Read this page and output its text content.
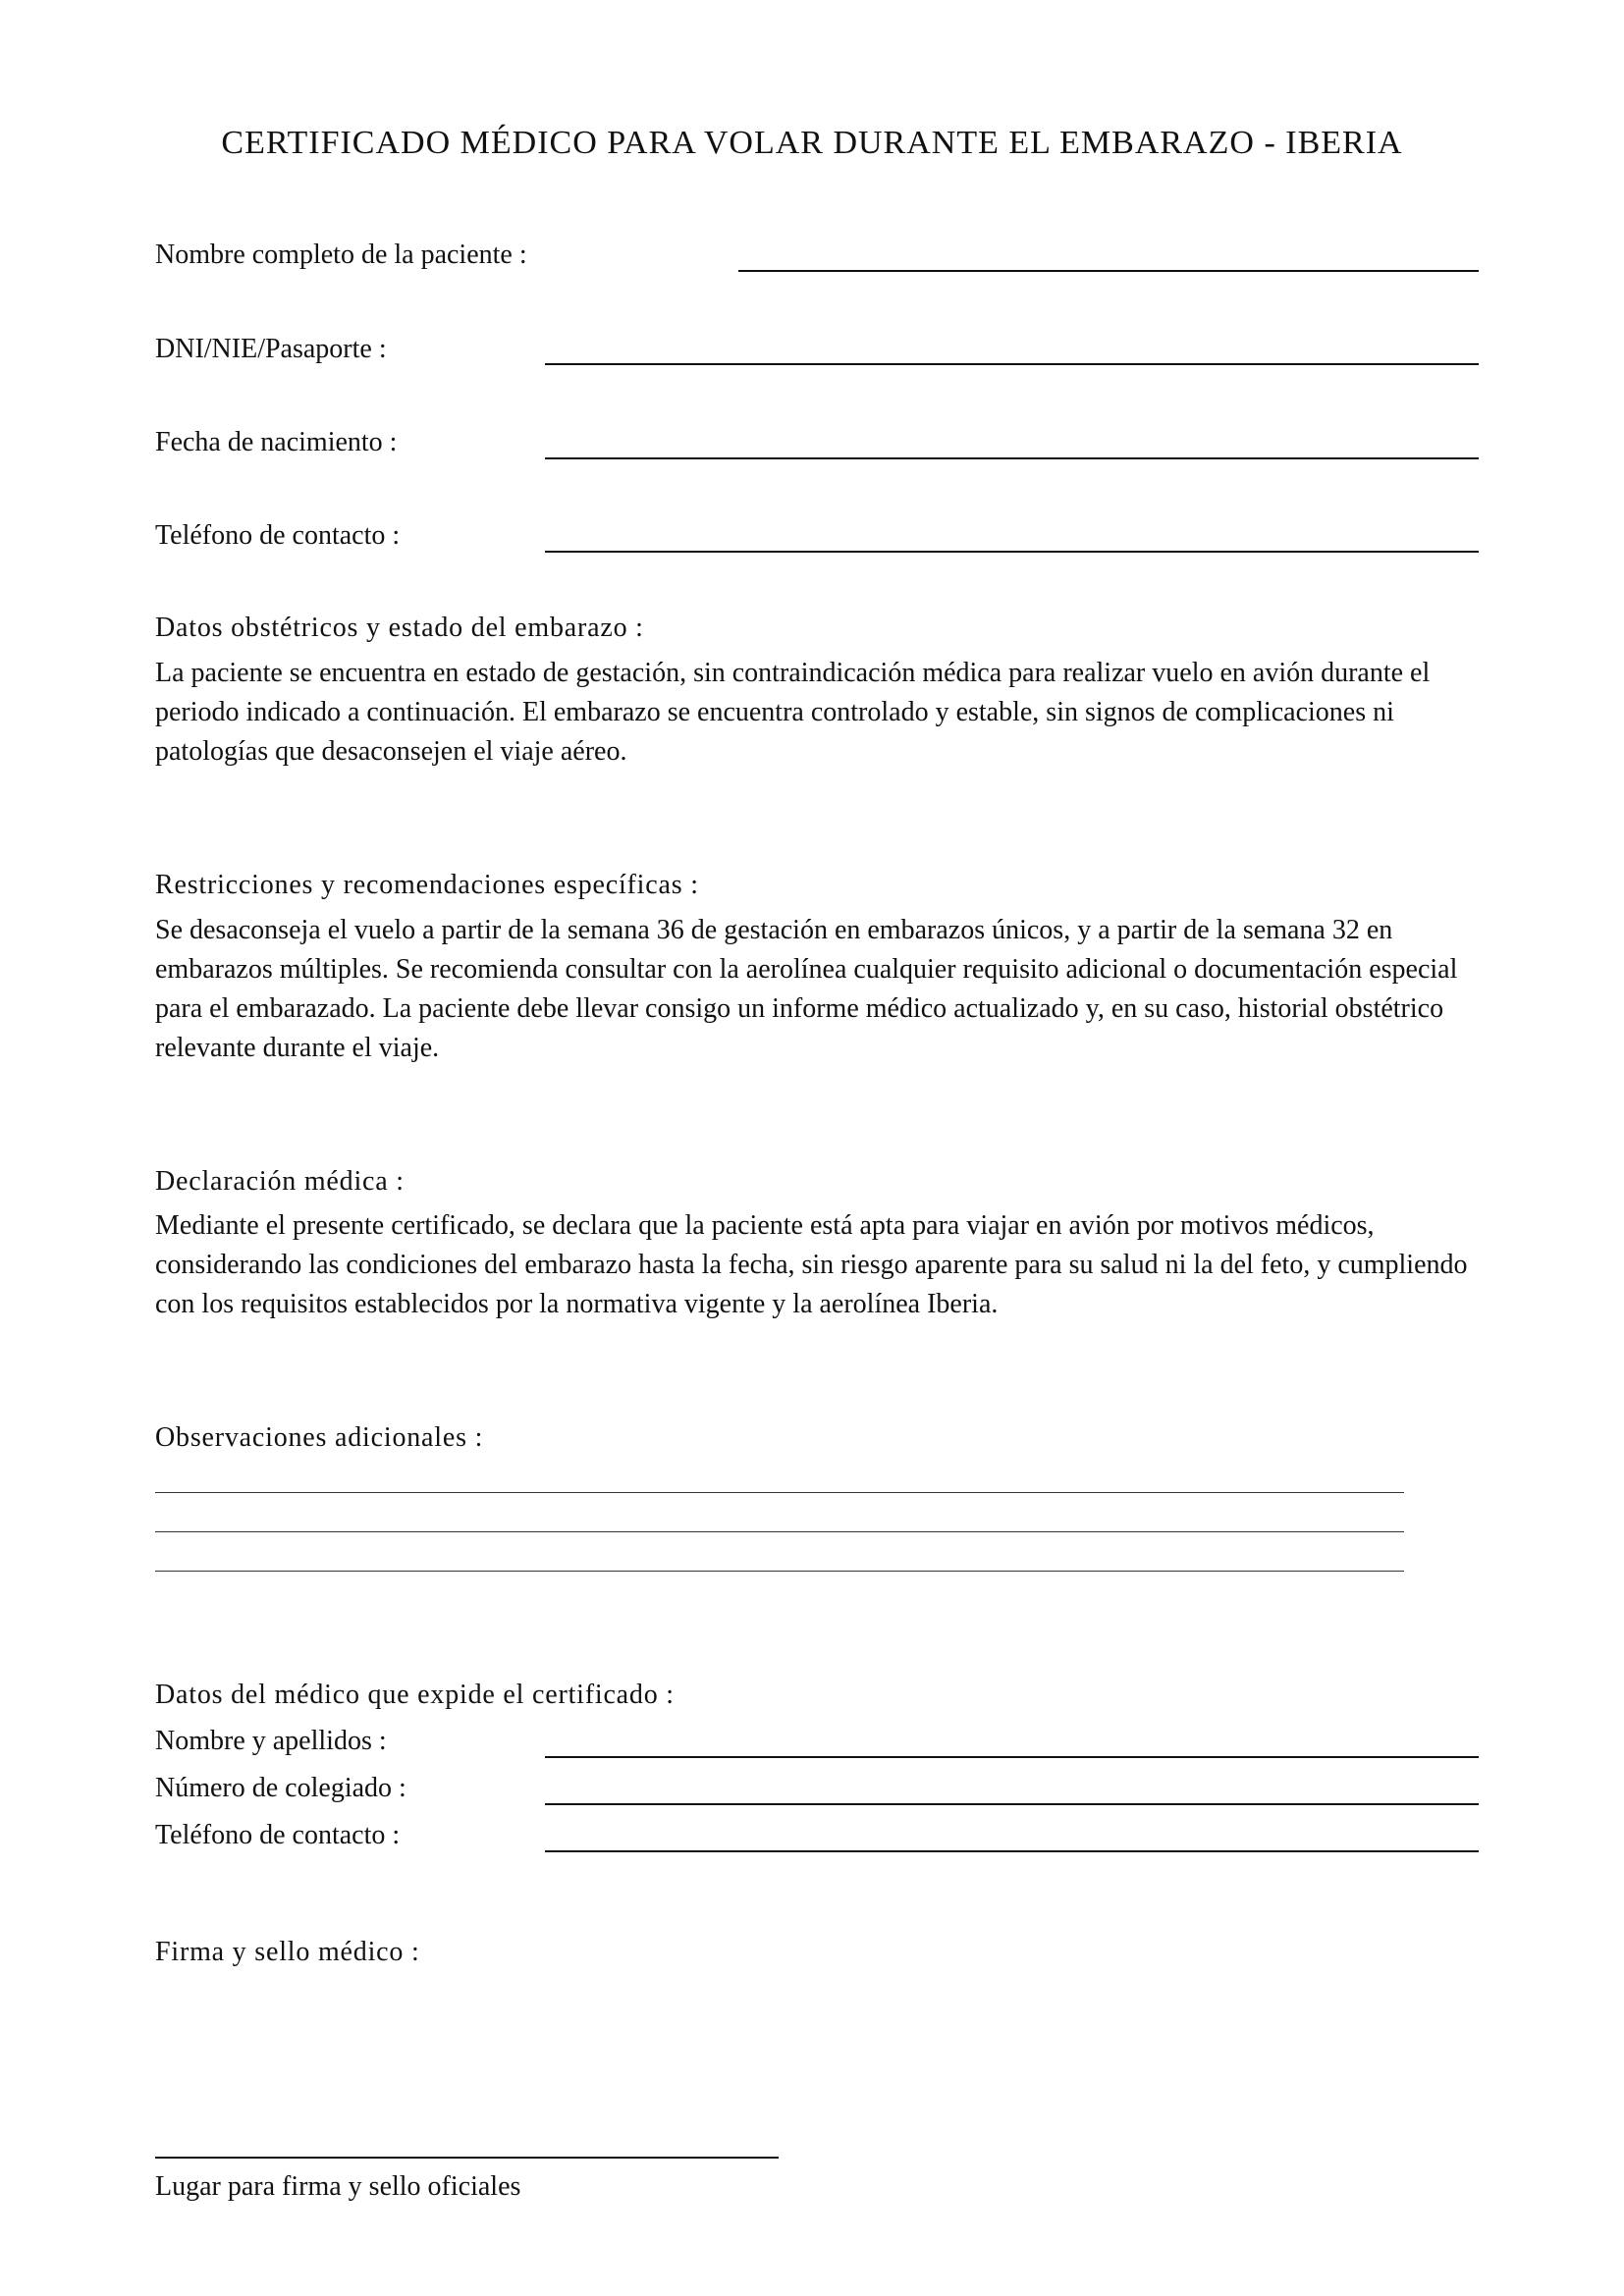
CERTIFICADO MÉDICO PARA VOLAR DURANTE EL EMBARAZO - IBERIA
Nombre completo de la paciente :
DNI/NIE/Pasaporte :
Fecha de nacimiento :
Teléfono de contacto :
Datos obstétricos y estado del embarazo :

La paciente se encuentra en estado de gestación, sin contraindicación médica para realizar vuelo en avión durante el periodo indicado a continuación. El embarazo se encuentra controlado y estable, sin signos de complicaciones ni patologías que desaconsejen el viaje aéreo.

Restricciones y recomendaciones específicas :

Se desaconseja el vuelo a partir de la semana 36 de gestación en embarazos únicos, y a partir de la semana 32 en embarazos múltiples. Se recomienda consultar con la aerolínea cualquier requisito adicional o documentación especial para el embarazado. La paciente debe llevar consigo un informe médico actualizado y, en su caso, historial obstétrico relevante durante el viaje.

Declaración médica :

Mediante el presente certificado, se declara que la paciente está apta para viajar en avión por motivos médicos, considerando las condiciones del embarazo hasta la fecha, sin riesgo aparente para su salud ni la del feto, y cumpliendo con los requisitos establecidos por la normativa vigente y la aerolínea Iberia.

Observaciones adicionales :
Datos del médico que expide el certificado :
Nombre y apellidos :
Número de colegiado :
Teléfono de contacto :
Firma y sello médico :
Lugar para firma y sello oficiales
